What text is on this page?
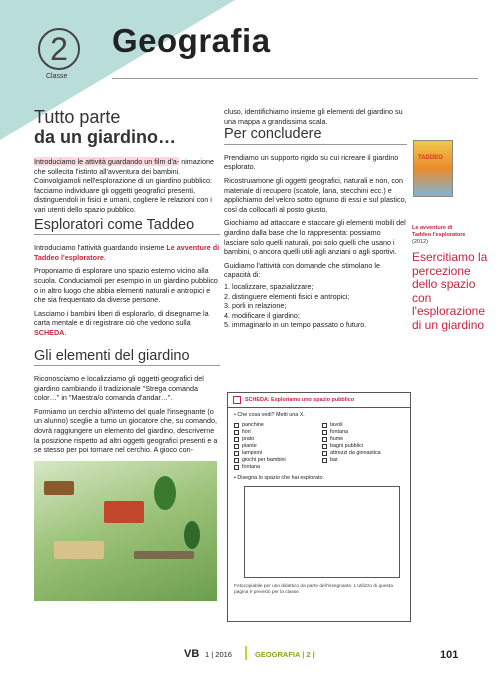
2
Classe
Geografia
Tutto parte
da un giardino…

Introduciamo le attività guardando un film d'a- nimazione che sollecita l'istinto all'avventura dei bambini. Coinvolgiamoli nell'esplorazione di un giardino pubblico: facciamo individuare gli oggetti geografici presenti, distinguendoli in fisici e umani, cogliere le relazioni con i vari utenti dello spazio pubblico.

Esploratori come Taddeo

Introduciamo l'attività guardando insieme Le avventure di Taddeo l'esploratore.

Proponiamo di esplorare uno spazio esterno vicino alla scuola. Conduciamoli per esempio in un giardino pubblico o in altro luogo che abbia elementi naturali e antropici e che sia frequentato da diverse persone.

Lasciamo i bambini liberi di esplorarlo, di disegnarne la carta mentale e di registrare ciò che vedono sulla SCHEDA.

Gli elementi del giardino

Riconosciamo e localizziamo gli oggetti geografici del giardino cambiando il tradizionale "Strega comanda color…" in "Maestra/o comanda d'andar…".

Formiamo un cerchio all'interno del quale l'insegnante (o un alunno) sceglie a turno un giocatore che, su comando, dovrà raggiungere un elemento del giardino, descriverne la posizione rispetto ad altri oggetti geografici presenti e a se stesso per poi tornare nel cerchio. A gioco con-

cluso, identifichiamo insieme gli elementi del giardino su una mappa a grandissima scala.

Per concludere

Prendiamo un supporto rigido su cui ricreare il giardino esplorato.

Ricostruiamone gli oggetti geografici, naturali e non, con materiale di recupero (scatole, lana, stecchini ecc.) e applichiamo del velcro sotto ognuno di essi e sul plastico, così da collocarli al posto giusto.

Giochiamo ad attaccare e staccare gli elementi mobili del giardino dalla base che lo rappresenta: possiamo lasciare solo quelli naturali, poi solo quelli che usano i bambini, o ancora quelli utili agli anziani o agli sportivi.

Guidiamo l'attività con domande che stimolano le capacità di:

1. localizzare, spazializzare;
2. distinguere elementi fisici e antropici;
3. porli in relazione;
4. modificare il giardino;
5. immaginarlo in un tempo passato o futuro.
TADDEO
Le avventure di
Taddeo l'esploratore
(2012)
Esercitiamo la percezione dello spazio con l'esplorazione di un giardino
SCHEDA: Esploriamo uno spazio pubblico
• Che cosa vedi? Metti una X.
panchine
fiori
prato
piante
lampioni
giochi per bambini
fontana
tavoli
fontana
fiume
bagni pubblici
attrezzi da ginnastica
bar
• Disegna lo spazio che hai esplorato.
Fotocopiabile per uso didattico da parte dell'insegnante. L'utilizzo di questa pagina è previsto per la classe.
VB 1 | 2016	GEOGRAFIA | 2 |	101
